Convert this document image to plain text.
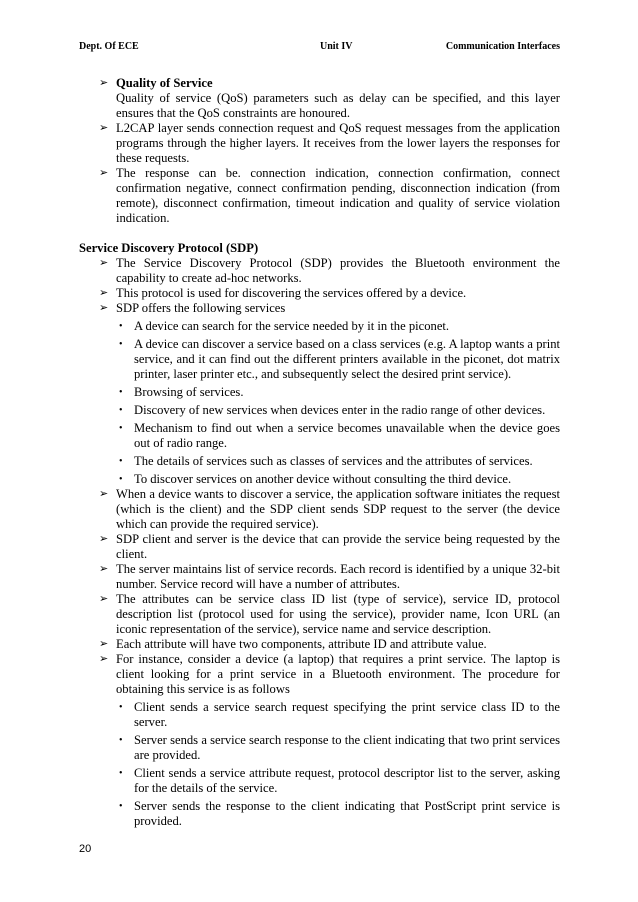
Dept. Of ECE	Unit IV	Communication Interfaces
➢ Quality of Service
Quality of service (QoS) parameters such as delay can be specified, and this layer ensures that the QoS constraints are honoured.
➢ L2CAP layer sends connection request and QoS request messages from the application programs through the higher layers. It receives from the lower layers the responses for these requests.
➢ The response can be. connection indication, connection confirmation, connect confirmation negative, connect confirmation pending, disconnection indication (from remote), disconnect confirmation, timeout indication and quality of service violation indication.
Service Discovery Protocol (SDP)
➢ The Service Discovery Protocol (SDP) provides the Bluetooth environment the capability to create ad-hoc networks.
➢ This protocol is used for discovering the services offered by a device.
➢ SDP offers the following services
• A device can search for the service needed by it in the piconet.
• A device can discover a service based on a class services (e.g. A laptop wants a print service, and it can find out the different printers available in the piconet, dot matrix printer, laser printer etc., and subsequently select the desired print service).
• Browsing of services.
• Discovery of new services when devices enter in the radio range of other devices.
• Mechanism to find out when a service becomes unavailable when the device goes out of radio range.
• The details of services such as classes of services and the attributes of services.
• To discover services on another device without consulting the third device.
➢ When a device wants to discover a service, the application software initiates the request (which is the client) and the SDP client sends SDP request to the server (the device which can provide the required service).
➢ SDP client and server is the device that can provide the service being requested by the client.
➢ The server maintains list of service records. Each record is identified by a unique 32-bit number. Service record will have a number of attributes.
➢ The attributes can be service class ID list (type of service), service ID, protocol description list (protocol used for using the service), provider name, Icon URL (an iconic representation of the service), service name and service description.
➢ Each attribute will have two components, attribute ID and attribute value.
➢ For instance, consider a device (a laptop) that requires a print service. The laptop is client looking for a print service in a Bluetooth environment. The procedure for obtaining this service is as follows
• Client sends a service search request specifying the print service class ID to the server.
• Server sends a service search response to the client indicating that two print services are provided.
• Client sends a service attribute request, protocol descriptor list to the server, asking for the details of the service.
• Server sends the response to the client indicating that PostScript print service is provided.
20
